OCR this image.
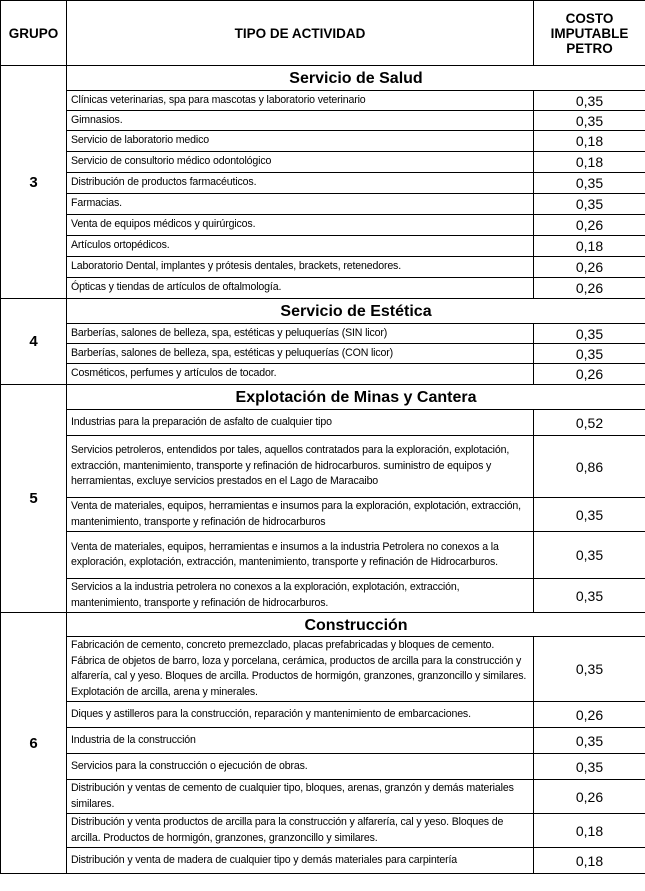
GRUPO	TIPO DE ACTIVIDAD	COSTO IMPUTABLE PETRO
3	Servicio de Salud	
	Clínicas veterinarias, spa para mascotas y laboratorio veterinario	0,35
	Gimnasios.	0,35
	Servicio de laboratorio medico	0,18
	Servicio de consultorio médico odontológico	0,18
	Distribución de productos farmacéuticos.	0,35
	Farmacias.	0,35
	Venta de equipos médicos y quirúrgicos.	0,26
	Artículos ortopédicos.	0,18
	Laboratorio Dental, implantes y prótesis dentales, brackets, retenedores.	0,26
	Ópticas y tiendas de artículos de oftalmología.	0,26
4	Servicio de Estética	
	Barberías, salones de belleza, spa, estéticas y peluquerías (SIN licor)	0,35
	Barberías, salones de belleza, spa, estéticas y peluquerías (CON licor)	0,35
	Cosméticos, perfumes y artículos de tocador.	0,26
5	Explotación de Minas y Cantera	
	Industrias para la preparación de asfalto de cualquier tipo	0,52
	Servicios petroleros, entendidos por tales, aquellos contratados para la exploración, explotación, extracción, mantenimiento, transporte y refinación de hidrocarburos. suministro de equipos y herramientas, excluye servicios prestados en el Lago de Maracaibo	0,86
	Venta de materiales, equipos, herramientas e insumos para la exploración, explotación, extracción, mantenimiento, transporte y refinación de hidrocarburos	0,35
	Venta de materiales, equipos, herramientas e insumos a la industria Petrolera no conexos a la exploración, explotación, extracción, mantenimiento, transporte y refinación de Hidrocarburos.	0,35
	Servicios a la industria petrolera no conexos a la exploración, explotación, extracción, mantenimiento, transporte y refinación de hidrocarburos.	0,35
6	Construcción	
	Fabricación de cemento, concreto premezclado, placas prefabricadas y bloques de cemento. Fábrica de objetos de barro, loza y porcelana, cerámica, productos de arcilla para la construcción y alfarería, cal y yeso. Bloques de arcilla. Productos de hormigón, granzones, granzoncillo y similares. Explotación de arcilla, arena y minerales.	0,35
	Diques y astilleros para la construcción, reparación y mantenimiento de embarcaciones.	0,26
	Industria de la construcción	0,35
	Servicios para la construcción o ejecución de obras.	0,35
	Distribución y ventas de cemento de cualquier tipo, bloques, arenas, granzón y demás materiales similares.	0,26
	Distribución y venta productos de arcilla para la construcción y alfarería, cal y yeso. Bloques de arcilla. Productos de hormigón, granzones, granzoncillo y similares.	0,18
	Distribución y venta de madera de cualquier tipo y demás materiales para carpintería	0,18
